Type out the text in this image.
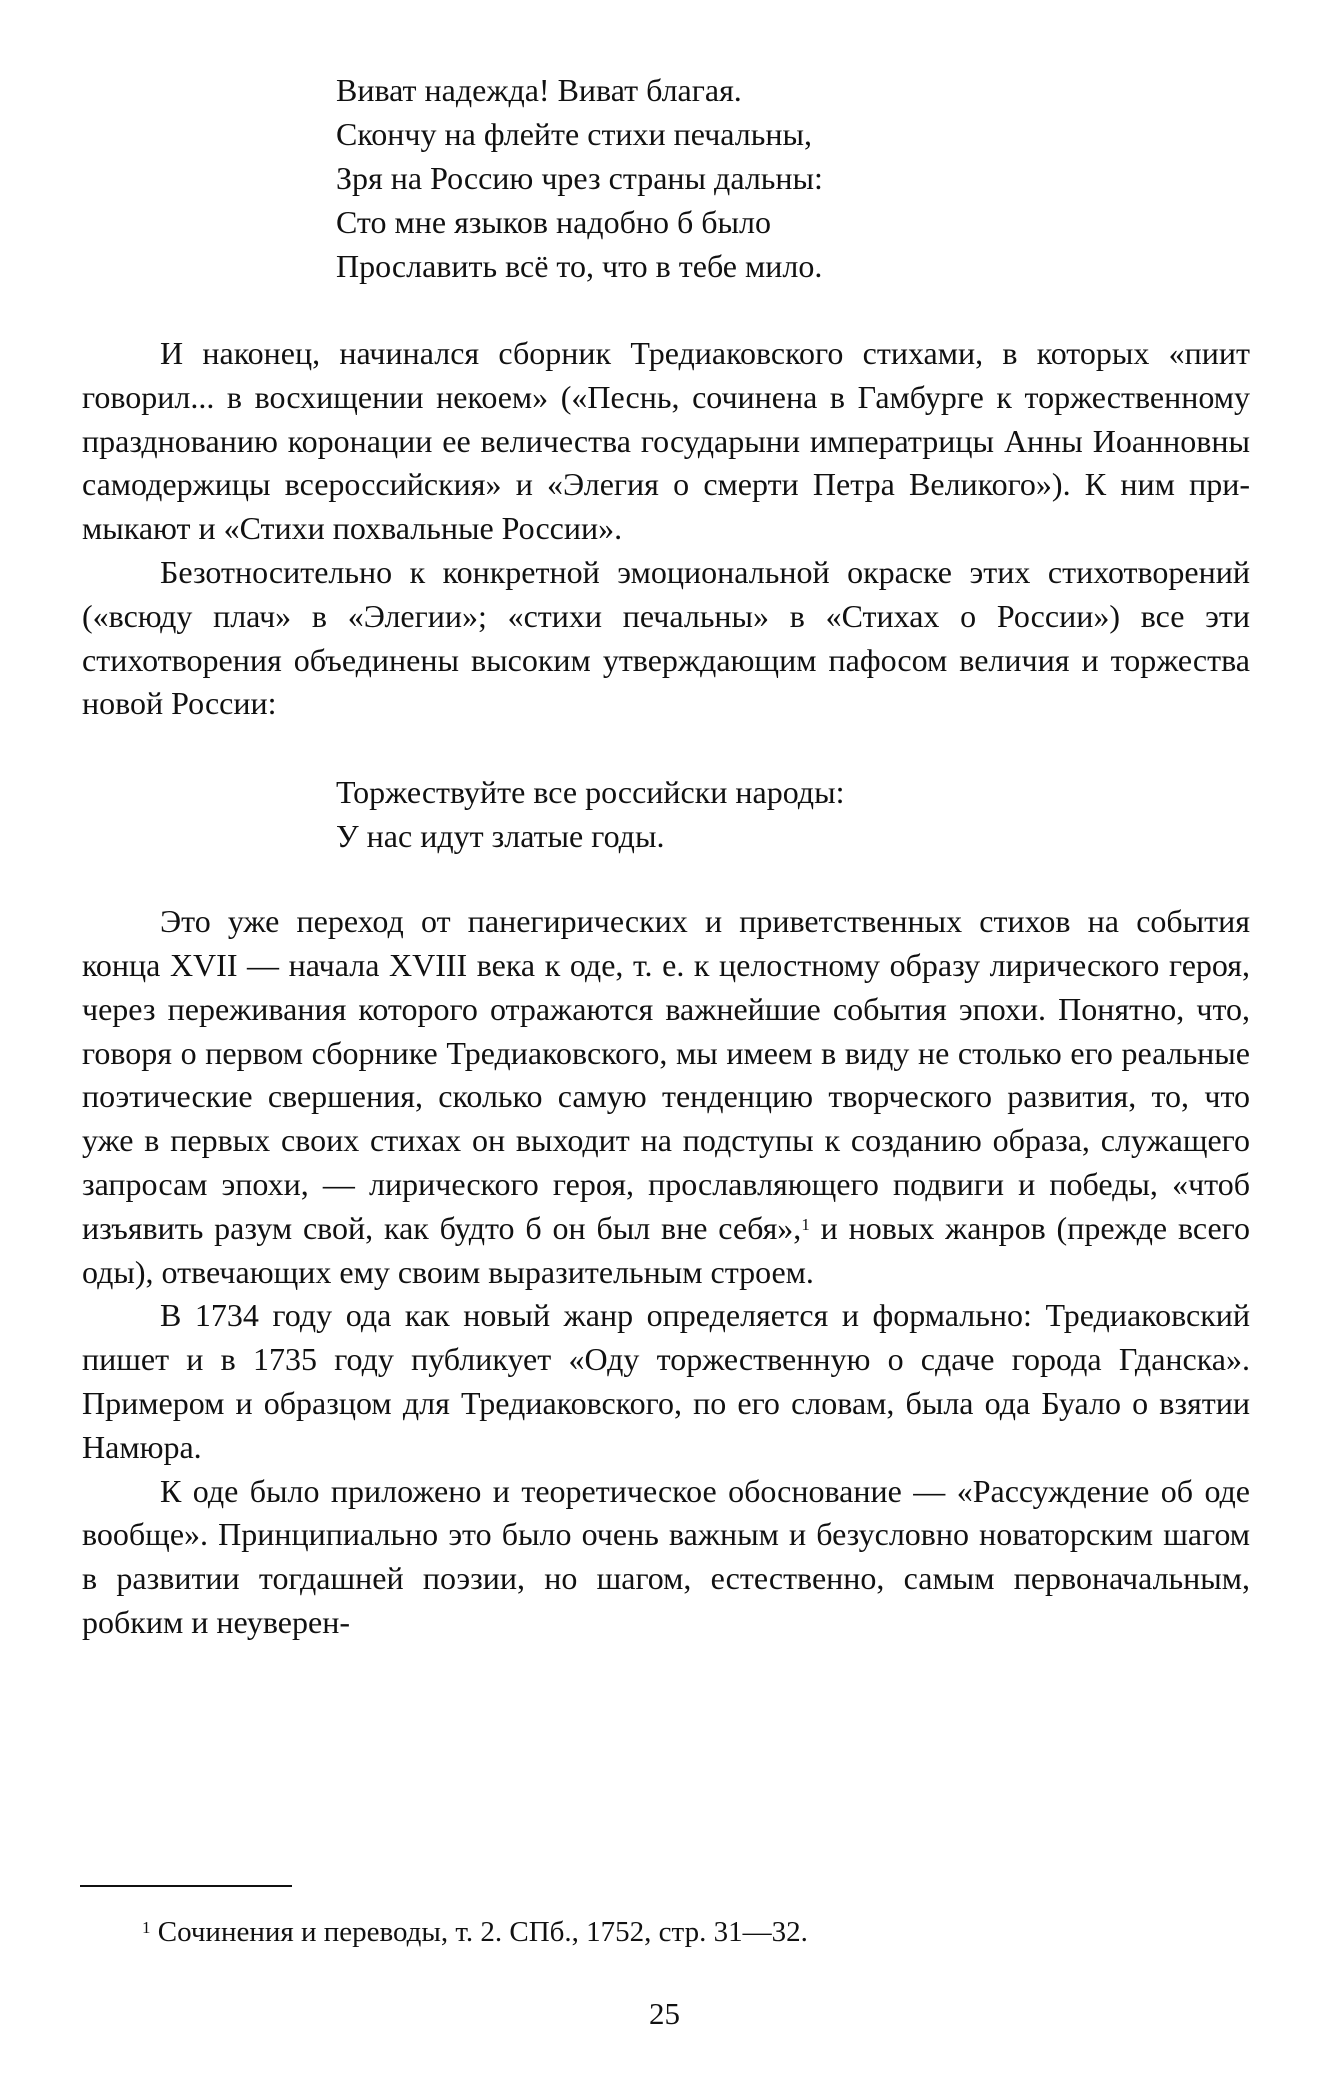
Виват надежда! Виват благая.
Скончу на флейте стихи печальны,
Зря на Россию чрез страны дальны:
Сто мне языков надобно б было
Прославить всё то, что в тебе мило.

И наконец, начинался сборник Тредиаковского стихами, в которых «пиит говорил... в восхищении некоем» («Песнь, сочинена в Гамбурге к торжественному празднованию коронации ее величества государыни императрицы Анны Иоанновны самодержицы всероссийския» и «Элегия о смерти Петра Великого»). К ним примыкают и «Стихи похвальные России».

Безотносительно к конкретной эмоциональной окраске этих стихотворений («всюду плач» в «Элегии»; «стихи печальны» в «Стихах о России») все эти стихотворения объединены высоким утверждающим пафосом величия и торжества новой России:

Торжествуйте все российски народы:
У нас идут златые годы.

Это уже переход от панегирических и приветственных стихов на события конца XVII — начала XVIII века к оде, т. е. к целостному образу лирического героя, через переживания которого отражаются важнейшие события эпохи. Понятно, что, говоря о первом сборнике Тредиаковского, мы имеем в виду не столько его реальные поэтические свершения, сколько самую тенденцию творческого развития, то, что уже в первых своих стихах он выходит на подступы к созданию образа, служащего запросам эпохи, — лирического героя, прославляющего подвиги и победы, «чтоб изъявить разум свой, как будто б он был вне себя»,$^1$ и новых жанров (прежде всего оды), отвечающих ему своим выразительным строем.

В 1734 году ода как новый жанр определяется и формально: Тредиаковский пишет и в 1735 году публикует «Оду торжественную о сдаче города Гданска». Примером и образцом для Тредиаковского, по его словам, была ода Буало о взятии Намюра.

К оде было приложено и теоретическое обоснование — «Рассуждение об оде вообще». Принципиально это было очень важным и безусловно новаторским шагом в развитии тогдашней поэзии, но шагом, естественно, самым первоначальным, робким и неуверен-

$^1$ Сочинения и переводы, т. 2. СПб., 1752, стр. 31—32.
25
